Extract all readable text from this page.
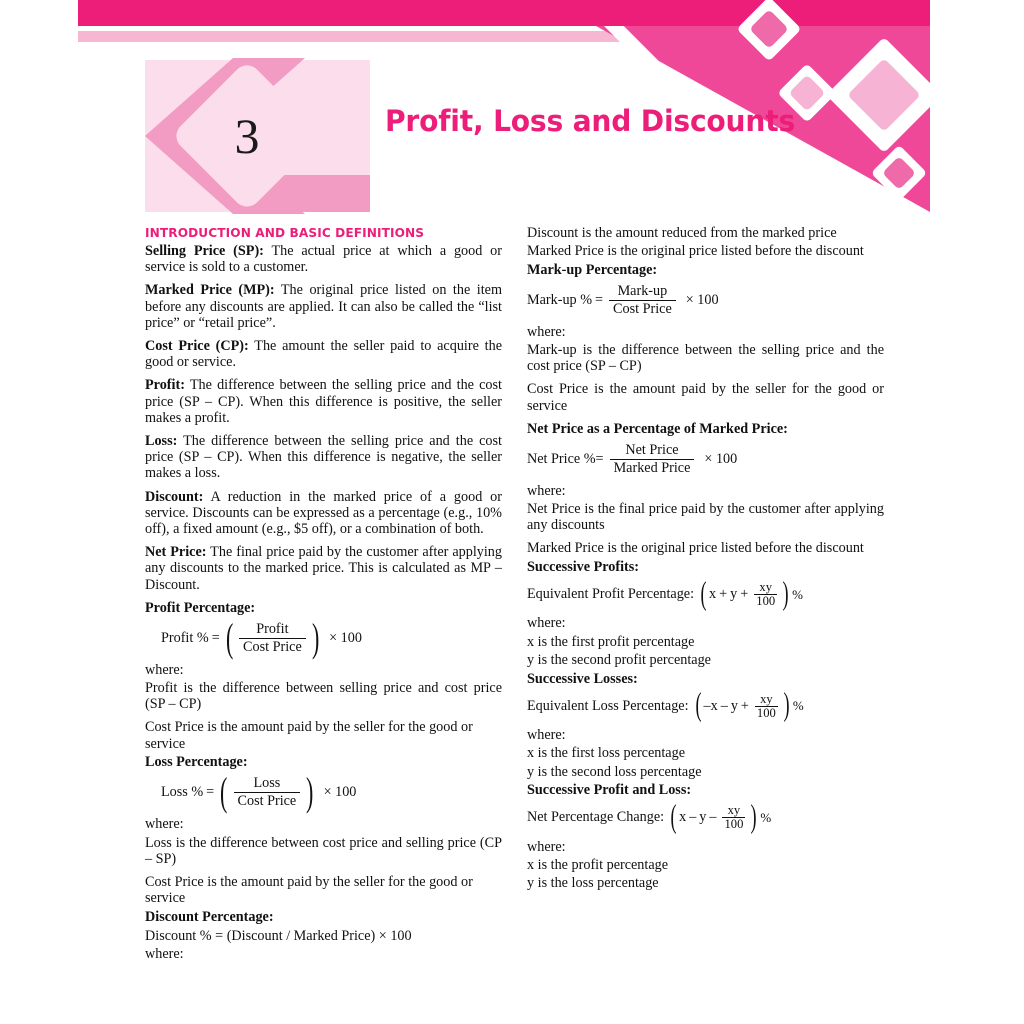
3	Profit, Loss and Discounts
INTRODUCTION AND BASIC DEFINITIONS

Selling Price (SP): The actual price at which a good or service is sold to a customer.

Marked Price (MP): The original price listed on the item before any discounts are applied. It can also be called the “list price” or “retail price”.

Cost Price (CP): The amount the seller paid to acquire the good or service.

Profit: The difference between the selling price and the cost price (SP – CP). When this difference is positive, the seller makes a profit.

Loss: The difference between the selling price and the cost price (SP – CP). When this difference is negative, the seller makes a loss.

Discount: A reduction in the marked price of a good or service. Discounts can be expressed as a percentage (e.g., 10% off), a fixed amount (e.g., $5 off), or a combination of both.

Net Price: The final price paid by the customer after applying any discounts to the marked price. This is calculated as MP – Discount.

Profit Percentage:
Profit % = ( $\frac{\text{Profit}}{\text{Cost Price}}$ ) × 100

where:

Profit is the difference between selling price and cost price (SP – CP)

Cost Price is the amount paid by the seller for the good or service

Loss Percentage:
Loss % = ( $\frac{\text{Loss}}{\text{Cost Price}}$ ) × 100

where:

Loss is the difference between cost price and selling price (CP – SP)

Cost Price is the amount paid by the seller for the good or service

Discount Percentage:

Discount % = (Discount / Marked Price) × 100

where:

Discount is the amount reduced from the marked price

Marked Price is the original price listed before the discount

Mark-up Percentage:
Mark-up % = $\frac{\text{Mark-up}}{\text{Cost Price}} \times 100$

where:

Mark-up is the difference between the selling price and the cost price (SP – CP)

Cost Price is the amount paid by the seller for the good or service

Net Price as a Percentage of Marked Price:
Net Price %= $\frac{\text{Net Price}}{\text{Marked Price}} \times 100$

where:

Net Price is the final price paid by the customer after applying any discounts

Marked Price is the original price listed before the discount

Successive Profits:
Equivalent Profit Percentage: ( $x + y + \frac{xy}{100}$ ) %

where:

x is the first profit percentage

y is the second profit percentage

Successive Losses:
Equivalent Loss Percentage: ( $-x - y + \frac{xy}{100}$ ) %

where:

x is the first loss percentage

y is the second loss percentage

Successive Profit and Loss:
Net Percentage Change: ( x – y – $\frac{xy}{100}$ ) %

where:

x is the profit percentage

y is the loss percentage
